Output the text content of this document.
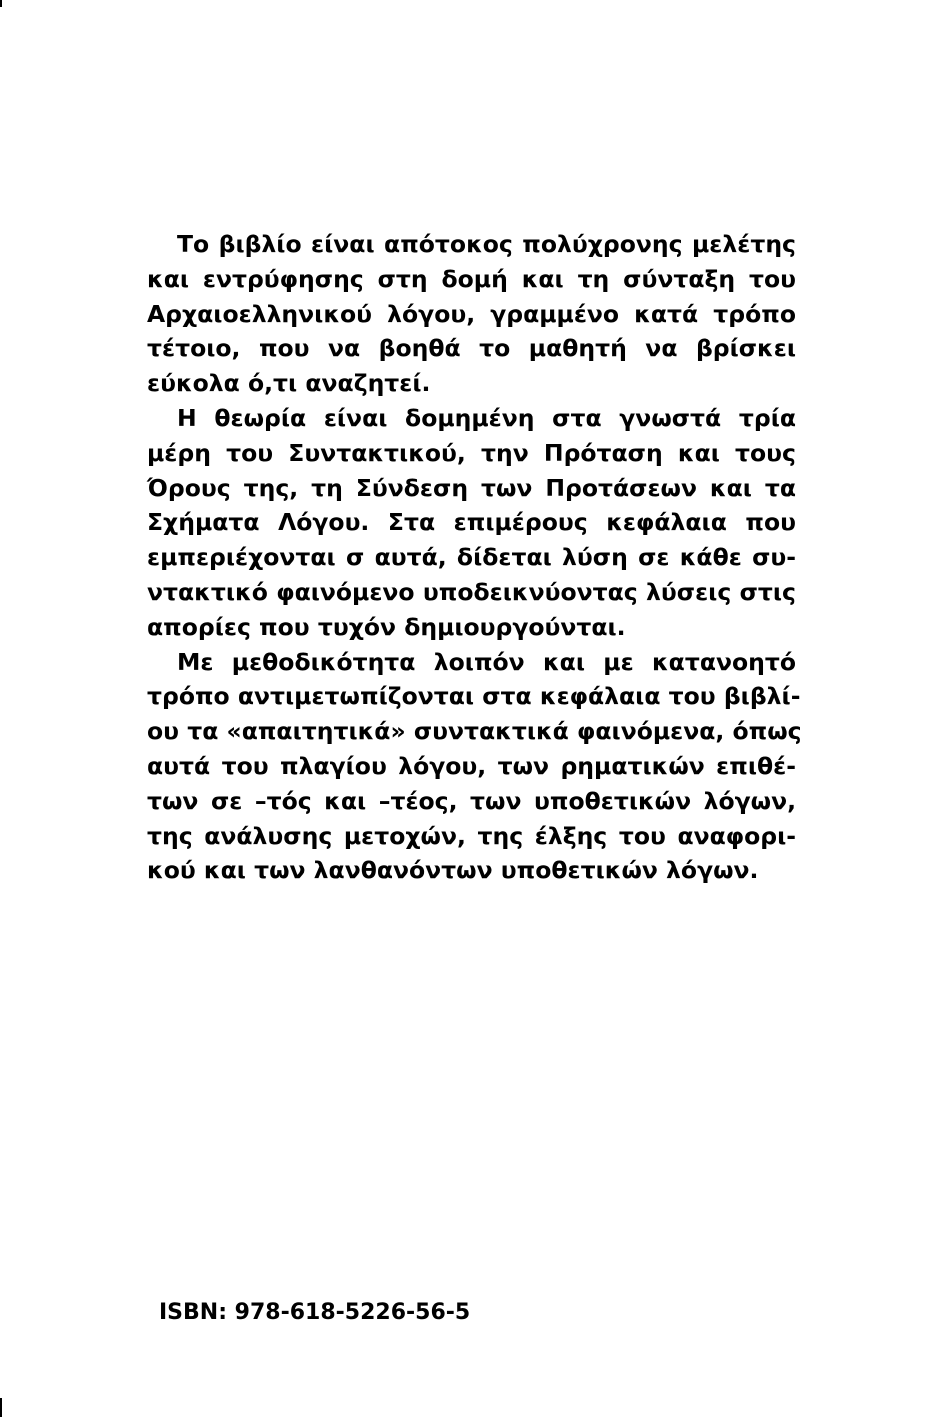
Το βιβλίο είναι απότοκος πολύχρονης μελέτης
και εντρύφησης στη δομή και τη σύνταξη του
Αρχαιοελληνικού λόγου, γραμμένο κατά τρόπο
τέτοιο, που να βοηθά το μαθητή να βρίσκει
εύκολα ό,τι αναζητεί.
Η θεωρία είναι δομημένη στα γνωστά τρία
μέρη του Συντακτικού, την Πρόταση και τους
Όρους της, τη Σύνδεση των Προτάσεων και τα
Σχήματα Λόγου. Στα επιμέρους κεφάλαια που
εμπεριέχονται σ αυτά, δίδεται λύση σε κάθε συ-
ντακτικό φαινόμενο υποδεικνύοντας λύσεις στις
απορίες που τυχόν δημιουργούνται.
Με μεθοδικότητα λοιπόν και με κατανοητό
τρόπο αντιμετωπίζονται στα κεφάλαια του βιβλί-
ου τα «απαιτητικά» συντακτικά φαινόμενα, όπως
αυτά του πλαγίου λόγου, των ρηματικών επιθέ-
των σε –τός και –τέος, των υποθετικών λόγων,
της ανάλυσης μετοχών, της έλξης του αναφορι-
κού και των λανθανόντων υποθετικών λόγων.
ISBN: 978-618-5226-56-5
